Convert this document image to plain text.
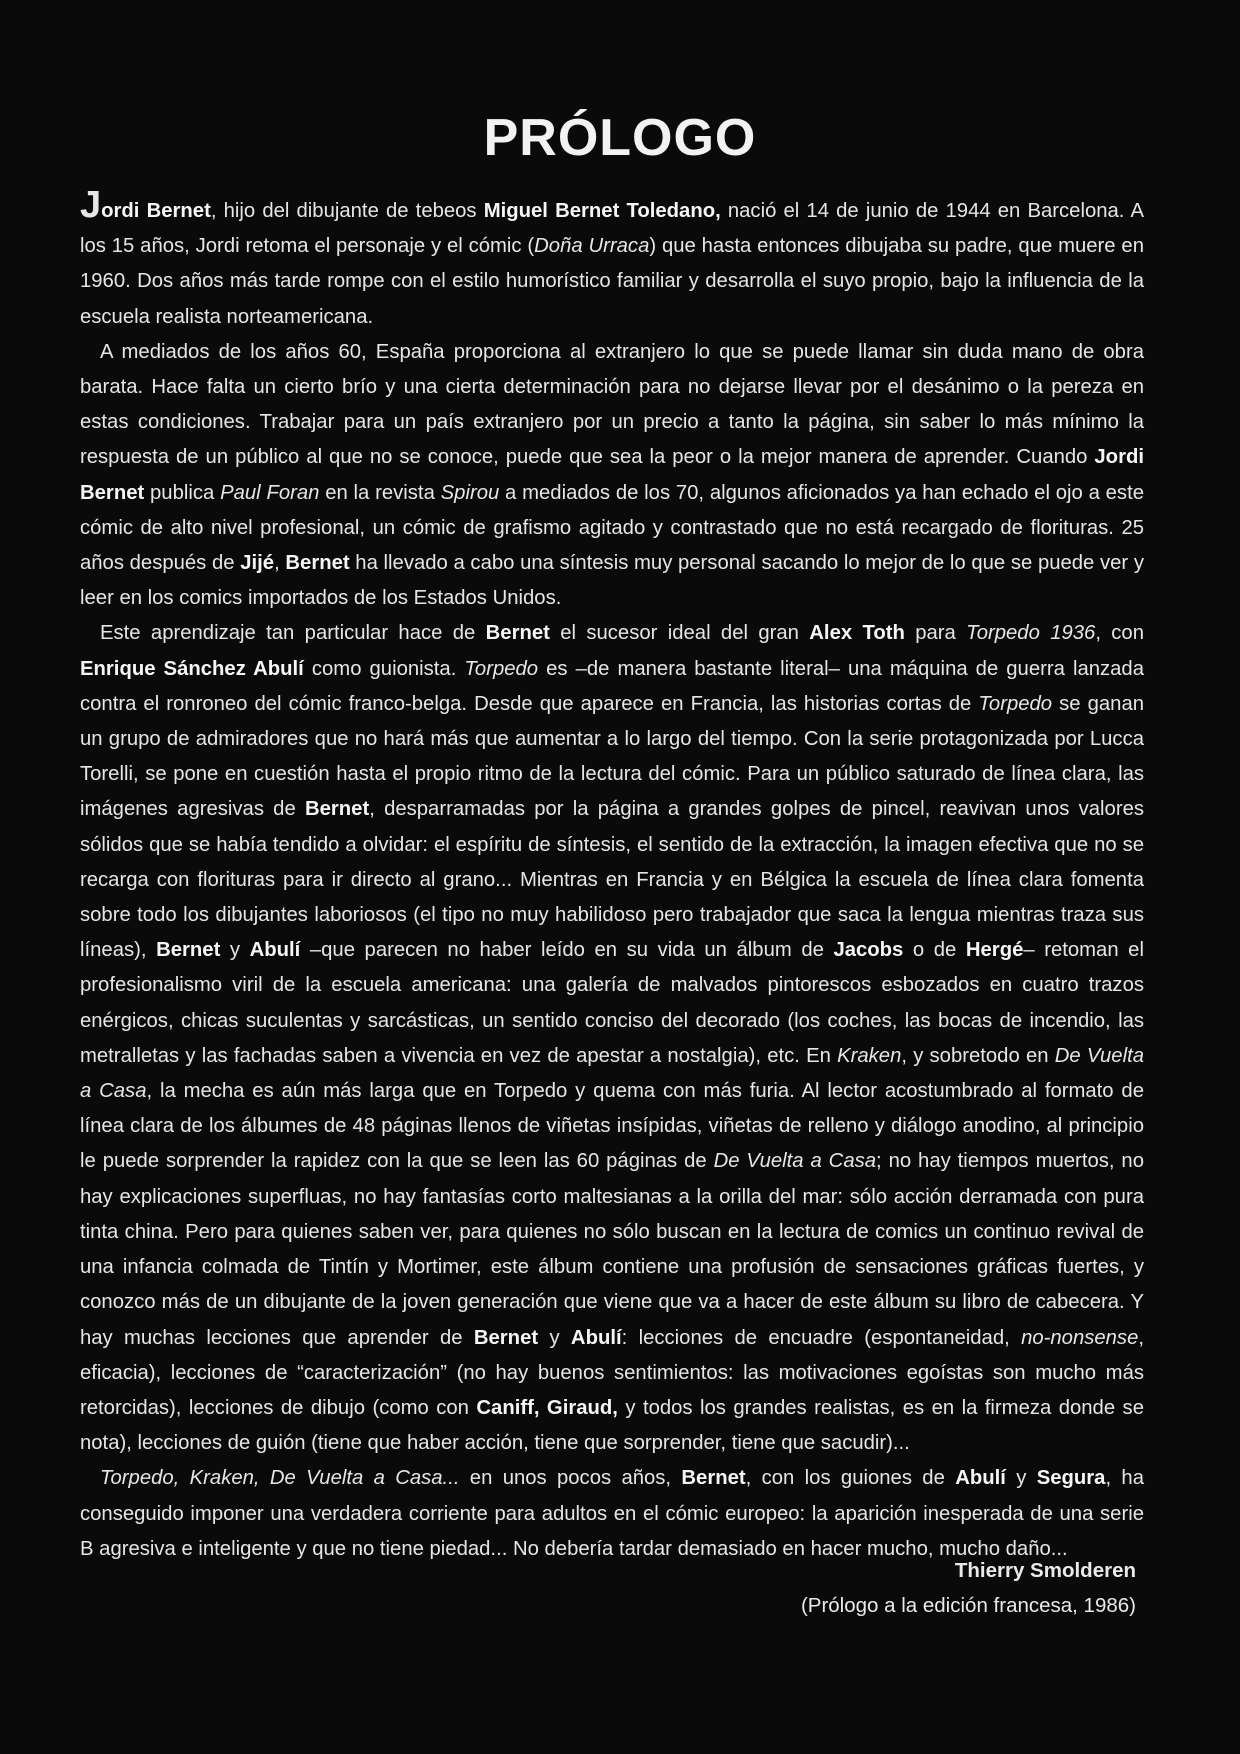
PRÓLOGO

Jordi Bernet, hijo del dibujante de tebeos Miguel Bernet Toledano, nació el 14 de junio de 1944 en Barcelona. A los 15 años, Jordi retoma el personaje y el cómic (Doña Urraca) que hasta entonces dibujaba su padre, que muere en 1960. Dos años más tarde rompe con el estilo humorístico familiar y desarrolla el suyo propio, bajo la influencia de la escuela realista norteamericana.

A mediados de los años 60, España proporciona al extranjero lo que se puede llamar sin duda mano de obra barata. Hace falta un cierto brío y una cierta determinación para no dejarse llevar por el desánimo o la pereza en estas condiciones. Trabajar para un país extranjero por un precio a tanto la página, sin saber lo más mínimo la respuesta de un público al que no se conoce, puede que sea la peor o la mejor manera de aprender. Cuando Jordi Bernet publica Paul Foran en la revista Spirou a mediados de los 70, algunos aficionados ya han echado el ojo a este cómic de alto nivel profesional, un cómic de grafismo agitado y contrastado que no está recargado de florituras. 25 años después de Jijé, Bernet ha llevado a cabo una síntesis muy personal sacando lo mejor de lo que se puede ver y leer en los comics importados de los Estados Unidos.

Este aprendizaje tan particular hace de Bernet el sucesor ideal del gran Alex Toth para Torpedo 1936, con Enrique Sánchez Abulí como guionista. Torpedo es –de manera bastante literal– una máquina de guerra lanzada contra el ronroneo del cómic franco-belga. Desde que aparece en Francia, las historias cortas de Torpedo se ganan un grupo de admiradores que no hará más que aumentar a lo largo del tiempo. Con la serie protagonizada por Lucca Torelli, se pone en cuestión hasta el propio ritmo de la lectura del cómic. Para un público saturado de línea clara, las imágenes agresivas de Bernet, desparramadas por la página a grandes golpes de pincel, reavivan unos valores sólidos que se había tendido a olvidar: el espíritu de síntesis, el sentido de la extracción, la imagen efectiva que no se recarga con florituras para ir directo al grano... Mientras en Francia y en Bélgica la escuela de línea clara fomenta sobre todo los dibujantes laboriosos (el tipo no muy habilidoso pero trabajador que saca la lengua mientras traza sus líneas), Bernet y Abulí –que parecen no haber leído en su vida un álbum de Jacobs o de Hergé– retoman el profesionalismo viril de la escuela americana: una galería de malvados pintorescos esbozados en cuatro trazos enérgicos, chicas suculentas y sarcásticas, un sentido conciso del decorado (los coches, las bocas de incendio, las metralletas y las fachadas saben a vivencia en vez de apestar a nostalgia), etc. En Kraken, y sobretodo en De Vuelta a Casa, la mecha es aún más larga que en Torpedo y quema con más furia. Al lector acostumbrado al formato de línea clara de los álbumes de 48 páginas llenos de viñetas insípidas, viñetas de relleno y diálogo anodino, al principio le puede sorprender la rapidez con la que se leen las 60 páginas de De Vuelta a Casa; no hay tiempos muertos, no hay explicaciones superfluas, no hay fantasías corto maltesianas a la orilla del mar: sólo acción derramada con pura tinta china. Pero para quienes saben ver, para quienes no sólo buscan en la lectura de comics un continuo revival de una infancia colmada de Tintín y Mortimer, este álbum contiene una profusión de sensaciones gráficas fuertes, y conozco más de un dibujante de la joven generación que viene que va a hacer de este álbum su libro de cabecera. Y hay muchas lecciones que aprender de Bernet y Abulí: lecciones de encuadre (espontaneidad, no-nonsense, eficacia), lecciones de “caracterización” (no hay buenos sentimientos: las motivaciones egoístas son mucho más retorcidas), lecciones de dibujo (como con Caniff, Giraud, y todos los grandes realistas, es en la firmeza donde se nota), lecciones de guión (tiene que haber acción, tiene que sorprender, tiene que sacudir)...

Torpedo, Kraken, De Vuelta a Casa... en unos pocos años, Bernet, con los guiones de Abulí y Segura, ha conseguido imponer una verdadera corriente para adultos en el cómic europeo: la aparición inesperada de una serie B agresiva e inteligente y que no tiene piedad... No debería tardar demasiado en hacer mucho, mucho daño...

Thierry Smolderen
(Prólogo a la edición francesa, 1986)
